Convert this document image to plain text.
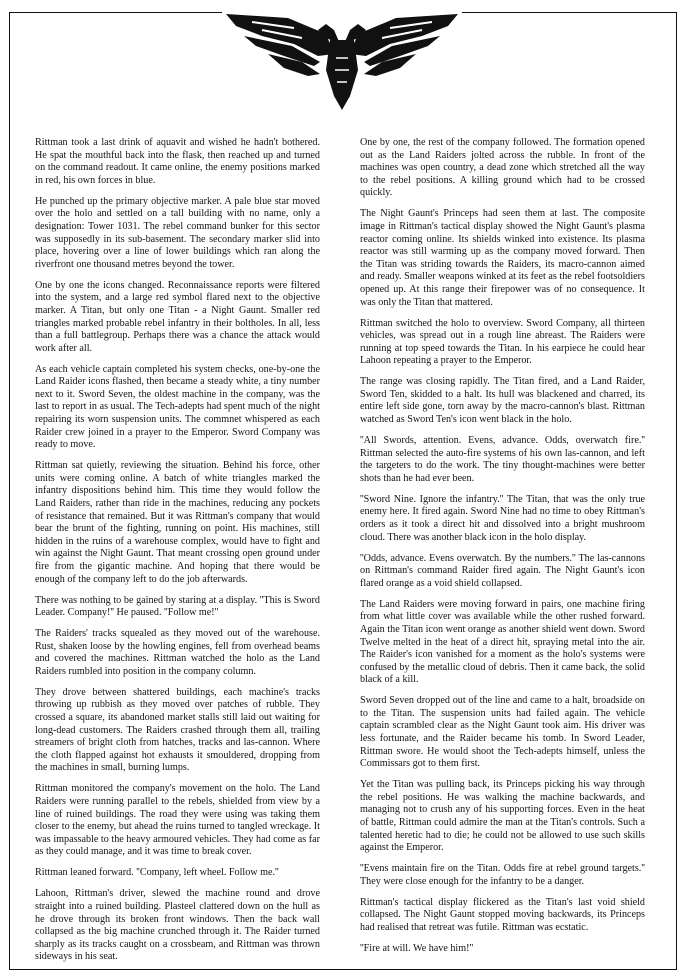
Rittman took a last drink of aquavit and wished he hadn't bothered. He spat the mouthful back into the flask, then reached up and turned on the command readout. It came online, the enemy positions marked in red, his own forces in blue.

He punched up the primary objective marker. A pale blue star moved over the holo and settled on a tall building with no name, only a designation: Tower 1031. The rebel command bunker for this sector was supposedly in its sub-basement. The secondary marker slid into place, hovering over a line of lower buildings which ran along the riverfront one thousand metres beyond the tower.

One by one the icons changed. Reconnaissance reports were filtered into the system, and a large red symbol flared next to the objective marker. A Titan, but only one Titan - a Night Gaunt. Smaller red triangles marked probable rebel infantry in their boltholes. In all, less than a full battlegroup. Perhaps there was a chance the attack would work after all.

As each vehicle captain completed his system checks, one-by-one the Land Raider icons flashed, then became a steady white, a tiny number next to it. Sword Seven, the oldest machine in the company, was the last to report in as usual. The Tech-adepts had spent much of the night repairing its worn suspension units. The commnet whispered as each Raider crew joined in a prayer to the Emperor. Sword Company was ready to move.

Rittman sat quietly, reviewing the situation. Behind his force, other units were coming online. A batch of white triangles marked the infantry dispositions behind him. This time they would follow the Land Raiders, rather than ride in the machines, reducing any pockets of resistance that remained. But it was Rittman's company that would bear the brunt of the fighting, running on point. His machines, still hidden in the ruins of a warehouse complex, would have to fight and win against the Night Gaunt. That meant crossing open ground under fire from the gigantic machine. And hoping that there would be enough of the company left to do the job afterwards.

There was nothing to be gained by staring at a display. ''This is Sword Leader. Company!'' He paused. ''Follow me!''

The Raiders' tracks squealed as they moved out of the warehouse. Rust, shaken loose by the howling engines, fell from overhead beams and covered the machines. Rittman watched the holo as the Land Raiders rumbled into position in the company column.

They drove between shattered buildings, each machine's tracks throwing up rubbish as they moved over patches of rubble. They crossed a square, its abandoned market stalls still laid out waiting for long-dead customers. The Raiders crashed through them all, trailing streamers of bright cloth from hatches, tracks and las-cannon. Where the cloth flapped against hot exhausts it smouldered, dropping from the machines in small, burning lumps.

Rittman monitored the company's movement on the holo. The Land Raiders were running parallel to the rebels, shielded from view by a line of ruined buildings. The road they were using was taking them closer to the enemy, but ahead the ruins turned to tangled wreckage. It was impassable to the heavy armoured vehicles. They had come as far as they could manage, and it was time to break cover.

Rittman leaned forward. ''Company, left wheel. Follow me.''

Lahoon, Rittman's driver, slewed the machine round and drove straight into a ruined building. Plasteel clattered down on the hull as he drove through its broken front windows. Then the back wall collapsed as the big machine crunched through it. The Raider turned sharply as its tracks caught on a crossbeam, and Rittman was thrown sideways in his seat.

One by one, the rest of the company followed. The formation opened out as the Land Raiders jolted across the rubble. In front of the machines was open country, a dead zone which stretched all the way to the rebel positions. A killing ground which had to be crossed quickly.

The Night Gaunt's Princeps had seen them at last. The composite image in Rittman's tactical display showed the Night Gaunt's plasma reactor coming online. Its shields winked into existence. Its plasma reactor was still warming up as the company moved forward. Then the Titan was striding towards the Raiders, its macro-cannon aimed and ready. Smaller weapons winked at its feet as the rebel footsoldiers opened up. At this range their firepower was of no consequence. It was only the Titan that mattered.

Rittman switched the holo to overview. Sword Company, all thirteen vehicles, was spread out in a rough line abreast. The Raiders were running at top speed towards the Titan. In his earpiece he could hear Lahoon repeating a prayer to the Emperor.

The range was closing rapidly. The Titan fired, and a Land Raider, Sword Ten, skidded to a halt. Its hull was blackened and charred, its entire left side gone, torn away by the macro-cannon's blast. Rittman watched as Sword Ten's icon went black in the holo.

''All Swords, attention. Evens, advance. Odds, overwatch fire.'' Rittman selected the auto-fire systems of his own las-cannon, and left the targeters to do the work. The tiny thought-machines were better shots than he had ever been.

''Sword Nine. Ignore the infantry.'' The Titan, that was the only true enemy here. It fired again. Sword Nine had no time to obey Rittman's orders as it took a direct hit and dissolved into a bright mushroom cloud. There was another black icon in the holo display.

''Odds, advance. Evens overwatch. By the numbers.'' The las-cannons on Rittman's command Raider fired again. The Night Gaunt's icon flared orange as a void shield collapsed.

The Land Raiders were moving forward in pairs, one machine firing from what little cover was available while the other rushed forward. Again the Titan icon went orange as another shield went down. Sword Twelve melted in the heat of a direct hit, spraying metal into the air. The Raider's icon vanished for a moment as the holo's systems were confused by the metallic cloud of debris. Then it came back, the solid black of a kill.

Sword Seven dropped out of the line and came to a halt, broadside on to the Titan. The suspension units had failed again. The vehicle captain scrambled clear as the Night Gaunt took aim. His driver was less fortunate, and the Raider became his tomb. In Sword Leader, Rittman swore. He would shoot the Tech-adepts himself, unless the Commissars got to them first.

Yet the Titan was pulling back, its Princeps picking his way through the rebel positions. He was walking the machine backwards, and managing not to crush any of his supporting forces. Even in the heat of battle, Rittman could admire the man at the Titan's controls. Such a talented heretic had to die; he could not be allowed to use such skills against the Emperor.

''Evens maintain fire on the Titan. Odds fire at rebel ground targets.'' They were close enough for the infantry to be a danger.

Rittman's tactical display flickered as the Titan's last void shield collapsed. The Night Gaunt stopped moving backwards, its Princeps had realised that retreat was futile. Rittman was ecstatic.

''Fire at will. We have him!''
